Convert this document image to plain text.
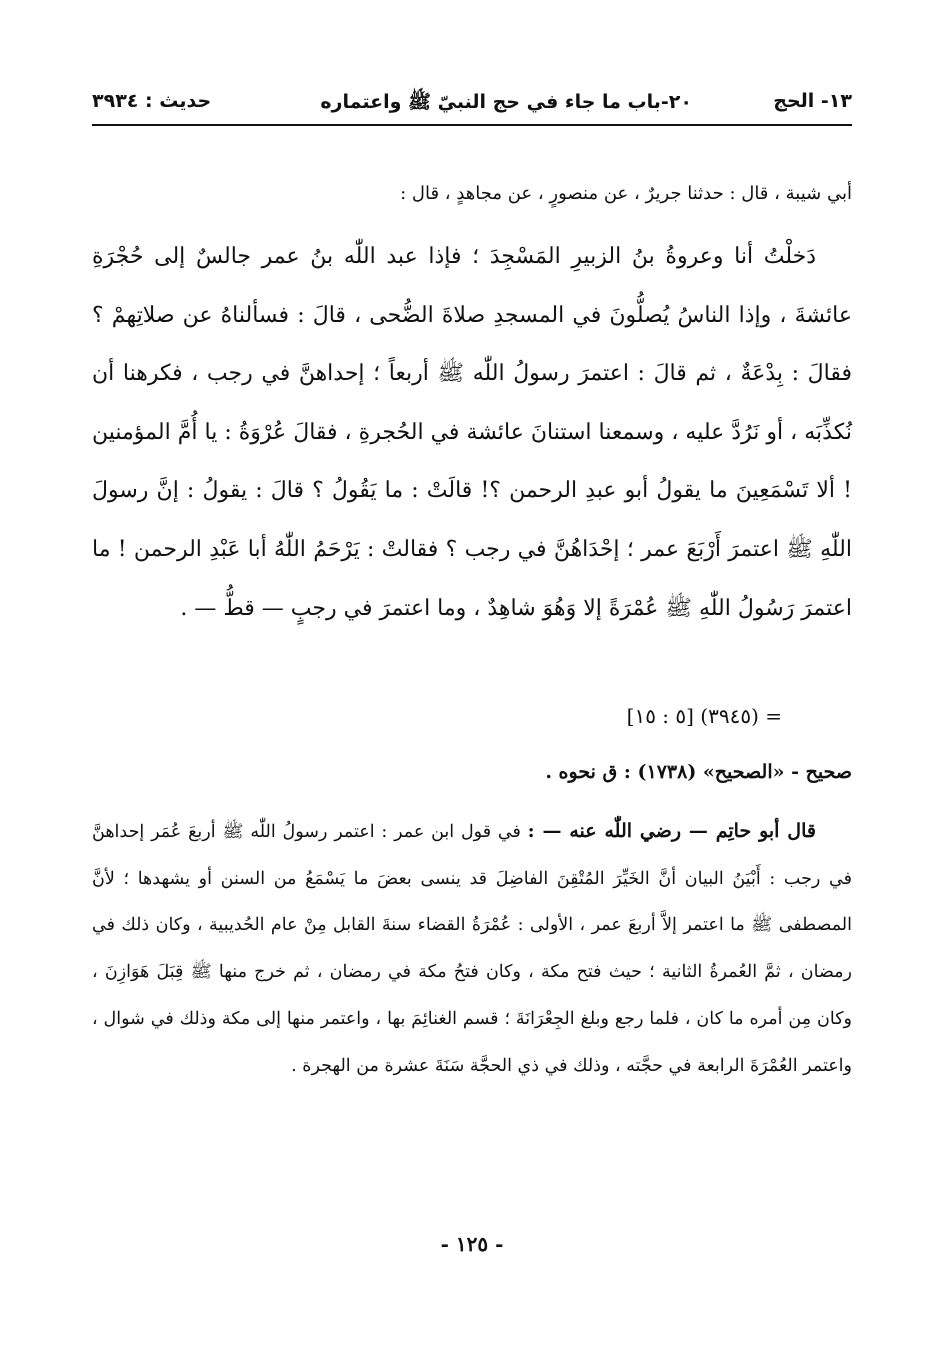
١٣- الحج
٢٠-باب ما جاء في حج النبيّ ﷺ واعتماره
حديث : ٣٩٣٤
أبي شيبة ، قال : حدثنا جريرٌ ، عن منصورٍ ، عن مجاهدٍ ، قال :

دَخلْتُ أنا وعروةُ بنُ الزبيرِ المَسْجِدَ ؛ فإذا عبد اللّٰه بنُ عمر جالسٌ إلى حُجْرَةِ عائشةَ ، وإذا الناسُ يُصلُّونَ في المسجدِ صلاةَ الضُّحى ، قالَ : فسألناهُ عن صلاتِهمْ ؟ فقالَ : بِدْعَةٌ ، ثم قالَ : اعتمرَ رسولُ اللّٰه ﷺ أربعاً ؛ إحداهنَّ في رجب ، فكرهنا أن نُكذِّبَه ، أو نَرُدَّ عليه ، وسمعنا استنانَ عائشة في الحُجرةِ ، فقالَ عُرْوَةُ : يا أُمَّ المؤمنين ! ألا تَسْمَعِينَ ما يقولُ أبو عبدِ الرحمن ؟! قالَتْ : ما يَقُولُ ؟ قالَ : يقولُ : إنَّ رسولَ اللّٰهِ ﷺ اعتمرَ أَرْبَعَ عمر ؛ إحْدَاهُنَّ في رجب ؟ فقالتْ : يَرْحَمُ اللّٰهُ أبا عَبْدِ الرحمن ! ما اعتمرَ رَسُولُ اللّٰهِ ﷺ عُمْرَةً إلا وَهُوَ شاهِدٌ ، وما اعتمرَ في رجبٍ — قطُّ — .

= (٣٩٤٥) [٥ : ١٥]
صحيح - «الصحيح» (١٧٣٨) : ق نحوه .

قال أبو حاتِم — رضي اللّٰه عنه — : في قول ابن عمر : اعتمر رسولُ اللّٰه ﷺ أربعَ عُمَر إحداهنَّ في رجب : أَبْيَنُ البيان أنَّ الخَيِّرَ المُتْقِنَ الفاضِلَ قد ينسى بعضَ ما يَسْمَعُ من السنن أو يشهدها ؛ لأنَّ المصطفى ﷺ ما اعتمر إلاَّ أربعَ عمر ، الأولى : عُمْرَةُ القضاء سنةَ القابل مِنْ عام الحُديبية ، وكان ذلك في رمضان ، ثمَّ العُمرةُ الثانية ؛ حيث فتح مكة ، وكان فتحُ مكة في رمضان ، ثم خرج منها ﷺ قِبَلَ هَوَازِنَ ، وكان مِن أمره ما كان ، فلما رجع وبلغ الجِعْرَانَةَ ؛ قسم الغنائِمَ بها ، واعتمر منها إلى مكة وذلك في شوال ، واعتمر العُمْرَةَ الرابعة في حجَّته ، وذلك في ذي الحجَّة سَنَةَ عشرة من الهجرة .

- ١٢٥ -
